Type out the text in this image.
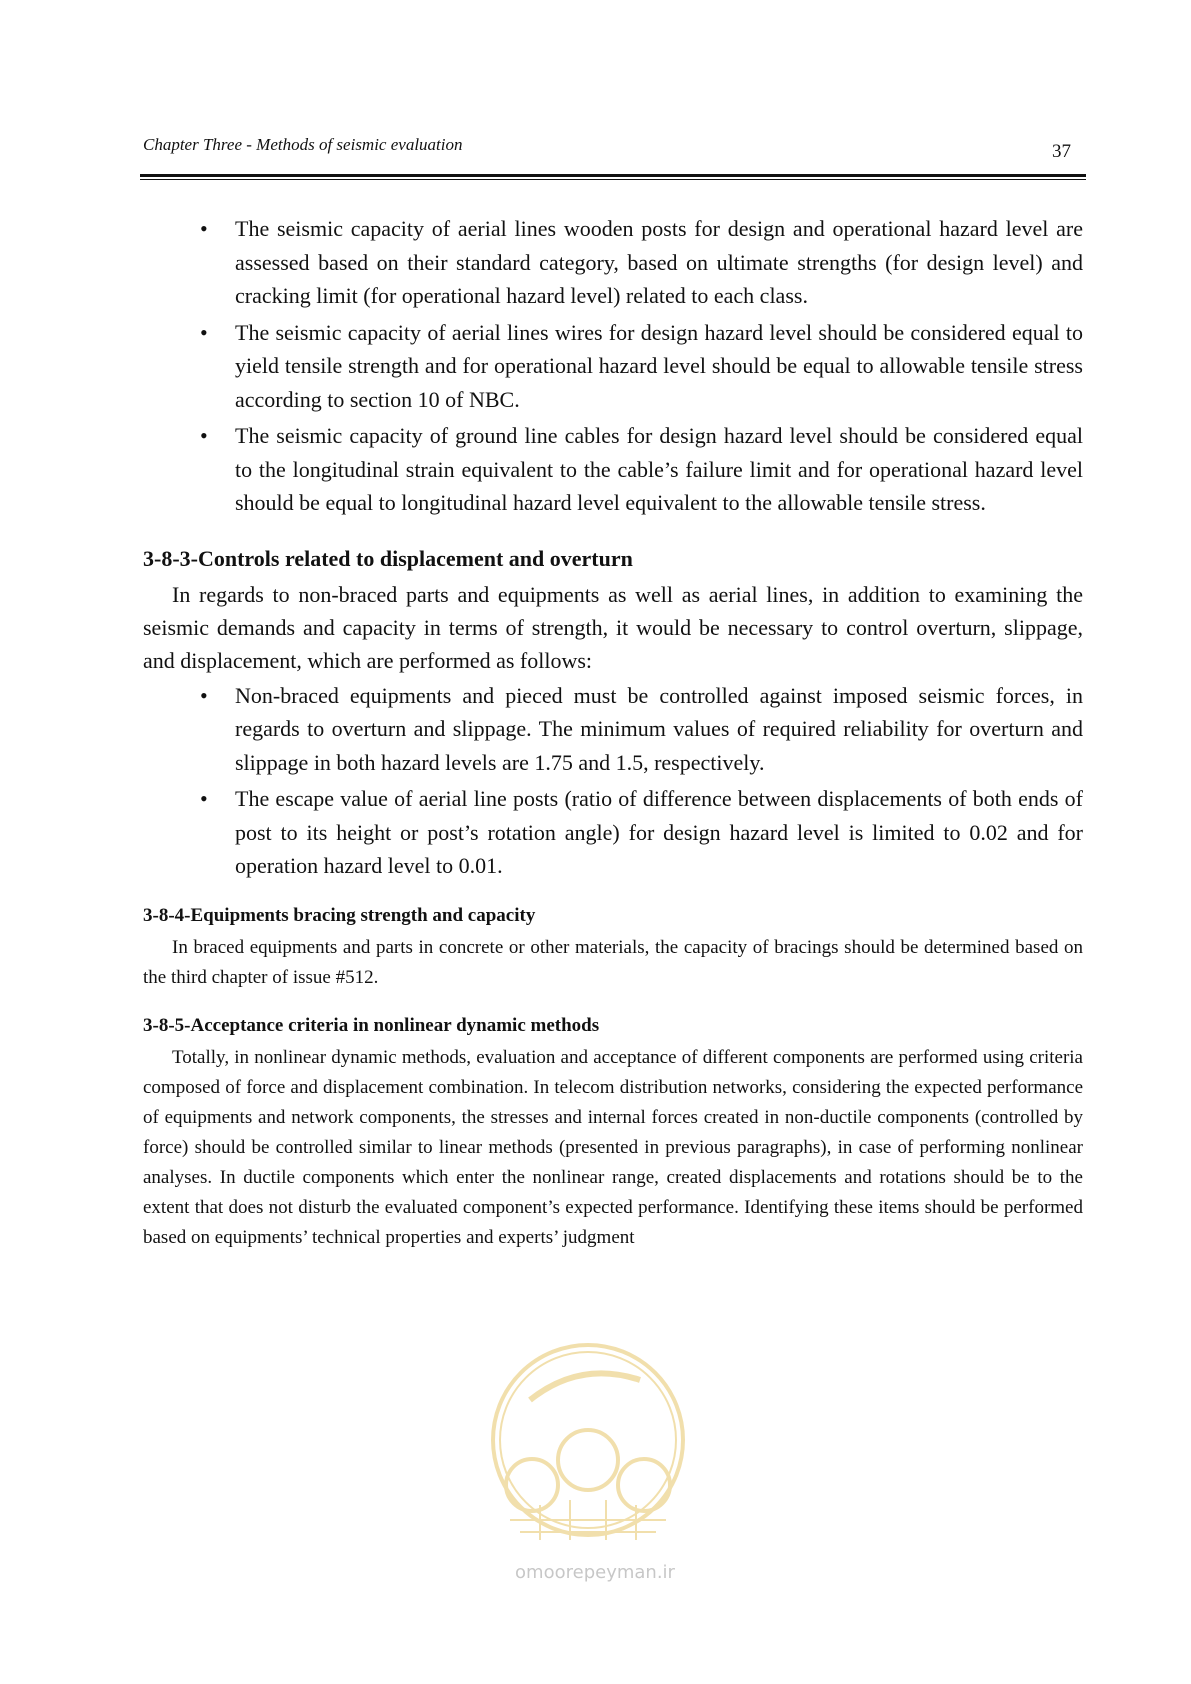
Chapter Three - Methods of seismic evaluation	37
• The seismic capacity of aerial lines wooden posts for design and operational hazard level are assessed based on their standard category, based on ultimate strengths (for design level) and cracking limit (for operational hazard level) related to each class.
• The seismic capacity of aerial lines wires for design hazard level should be considered equal to yield tensile strength and for operational hazard level should be equal to allowable tensile stress according to section 10 of NBC.
• The seismic capacity of ground line cables for design hazard level should be considered equal to the longitudinal strain equivalent to the cable’s failure limit and for operational hazard level should be equal to longitudinal hazard level equivalent to the allowable tensile stress.
3-8-3-Controls related to displacement and overturn

In regards to non-braced parts and equipments as well as aerial lines, in addition to examining the seismic demands and capacity in terms of strength, it would be necessary to control overturn, slippage, and displacement, which are performed as follows:

• Non-braced equipments and pieced must be controlled against imposed seismic forces, in regards to overturn and slippage. The minimum values of required reliability for overturn and slippage in both hazard levels are 1.75 and 1.5, respectively.
• The escape value of aerial line posts (ratio of difference between displacements of both ends of post to its height or post’s rotation angle) for design hazard level is limited to 0.02 and for operation hazard level to 0.01.
3-8-4-Equipments bracing strength and capacity

In braced equipments and parts in concrete or other materials, the capacity of bracings should be determined based on the third chapter of issue #512.

3-8-5-Acceptance criteria in nonlinear dynamic methods

Totally, in nonlinear dynamic methods, evaluation and acceptance of different components are performed using criteria composed of force and displacement combination. In telecom distribution networks, considering the expected performance of equipments and network components, the stresses and internal forces created in non-ductile components (controlled by force) should be controlled similar to linear methods (presented in previous paragraphs), in case of performing nonlinear analyses. In ductile components which enter the nonlinear range, created displacements and rotations should be to the extent that does not disturb the evaluated component’s expected performance. Identifying these items should be performed based on equipments’ technical properties and experts’ judgment

omoorepeyman.ir
